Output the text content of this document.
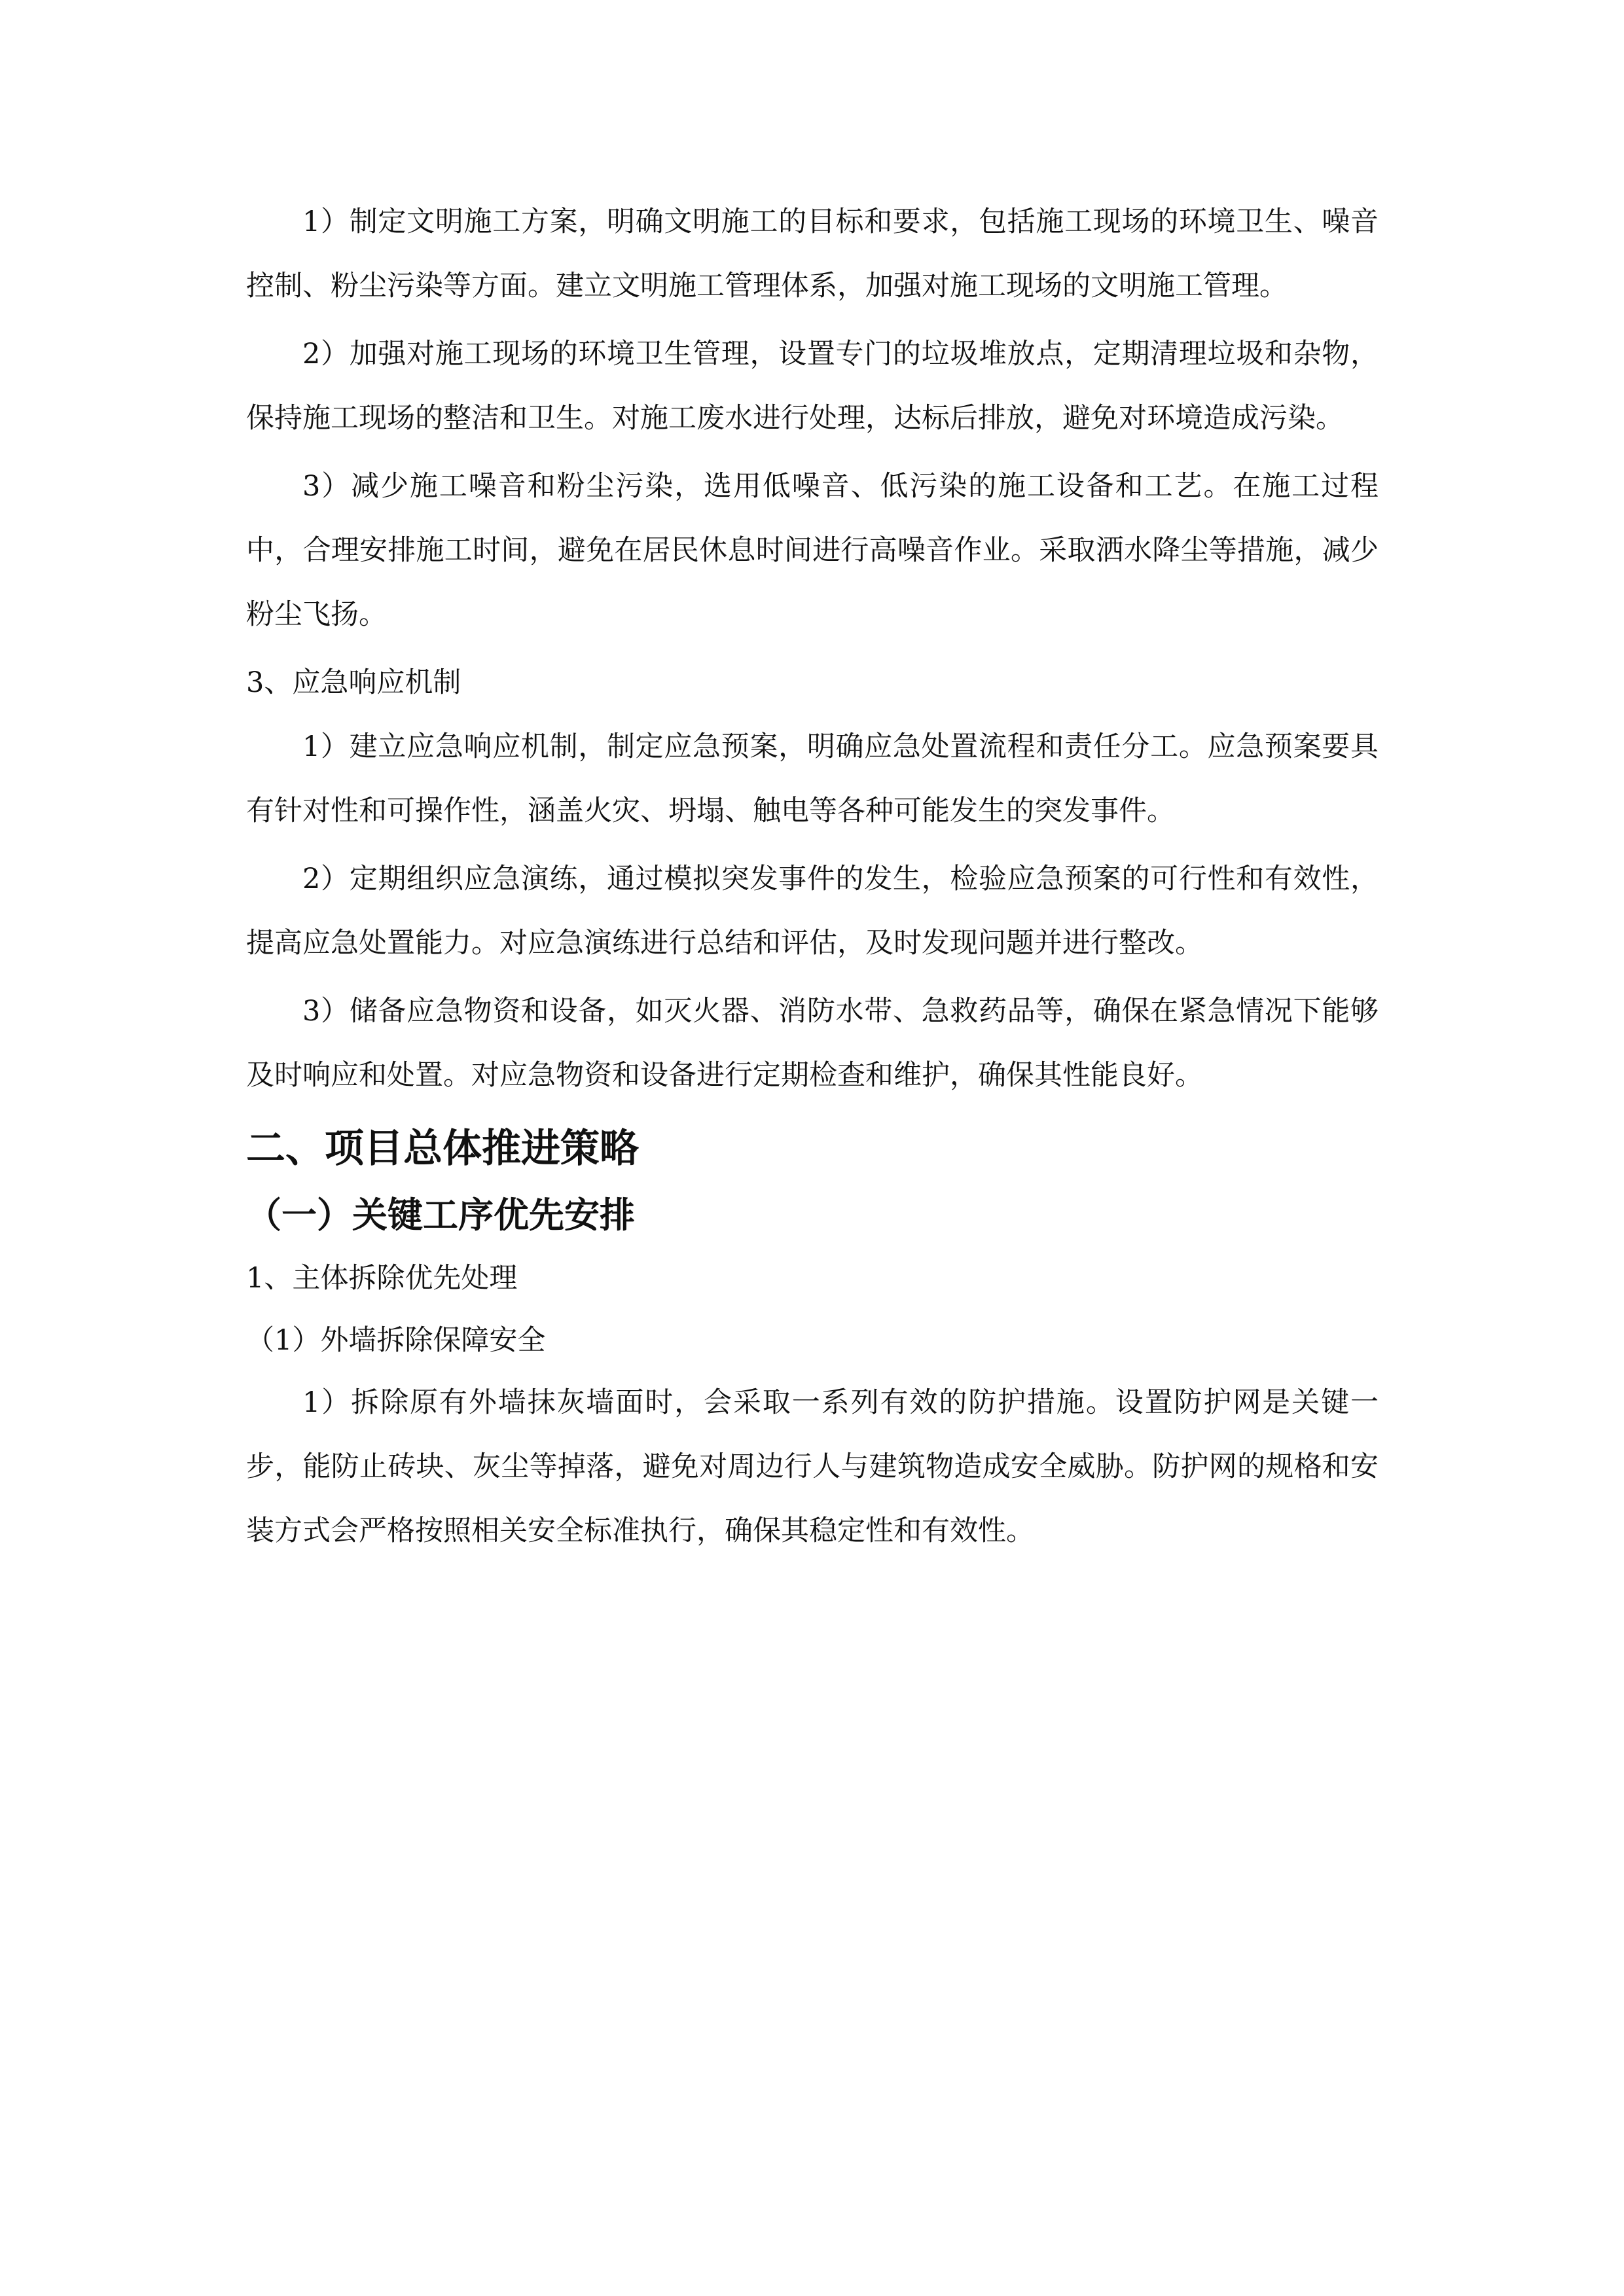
1）制定文明施工方案，明确文明施工的目标和要求，包括施工现场的环境卫生、噪音控制、粉尘污染等方面。建立文明施工管理体系，加强对施工现场的文明施工管理。

2）加强对施工现场的环境卫生管理，设置专门的垃圾堆放点，定期清理垃圾和杂物，保持施工现场的整洁和卫生。对施工废水进行处理，达标后排放，避免对环境造成污染。

3）减少施工噪音和粉尘污染，选用低噪音、低污染的施工设备和工艺。在施工过程中，合理安排施工时间，避免在居民休息时间进行高噪音作业。采取洒水降尘等措施，减少粉尘飞扬。

3、应急响应机制

1）建立应急响应机制，制定应急预案，明确应急处置流程和责任分工。应急预案要具有针对性和可操作性，涵盖火灾、坍塌、触电等各种可能发生的突发事件。

2）定期组织应急演练，通过模拟突发事件的发生，检验应急预案的可行性和有效性，提高应急处置能力。对应急演练进行总结和评估，及时发现问题并进行整改。

3）储备应急物资和设备，如灭火器、消防水带、急救药品等，确保在紧急情况下能够及时响应和处置。对应急物资和设备进行定期检查和维护，确保其性能良好。

二、项目总体推进策略
（一）关键工序优先安排

1、主体拆除优先处理

（1）外墙拆除保障安全

1）拆除原有外墙抹灰墙面时，会采取一系列有效的防护措施。设置防护网是关键一步，能防止砖块、灰尘等掉落，避免对周边行人与建筑物造成安全威胁。防护网的规格和安装方式会严格按照相关安全标准执行，确保其稳定性和有效性。
